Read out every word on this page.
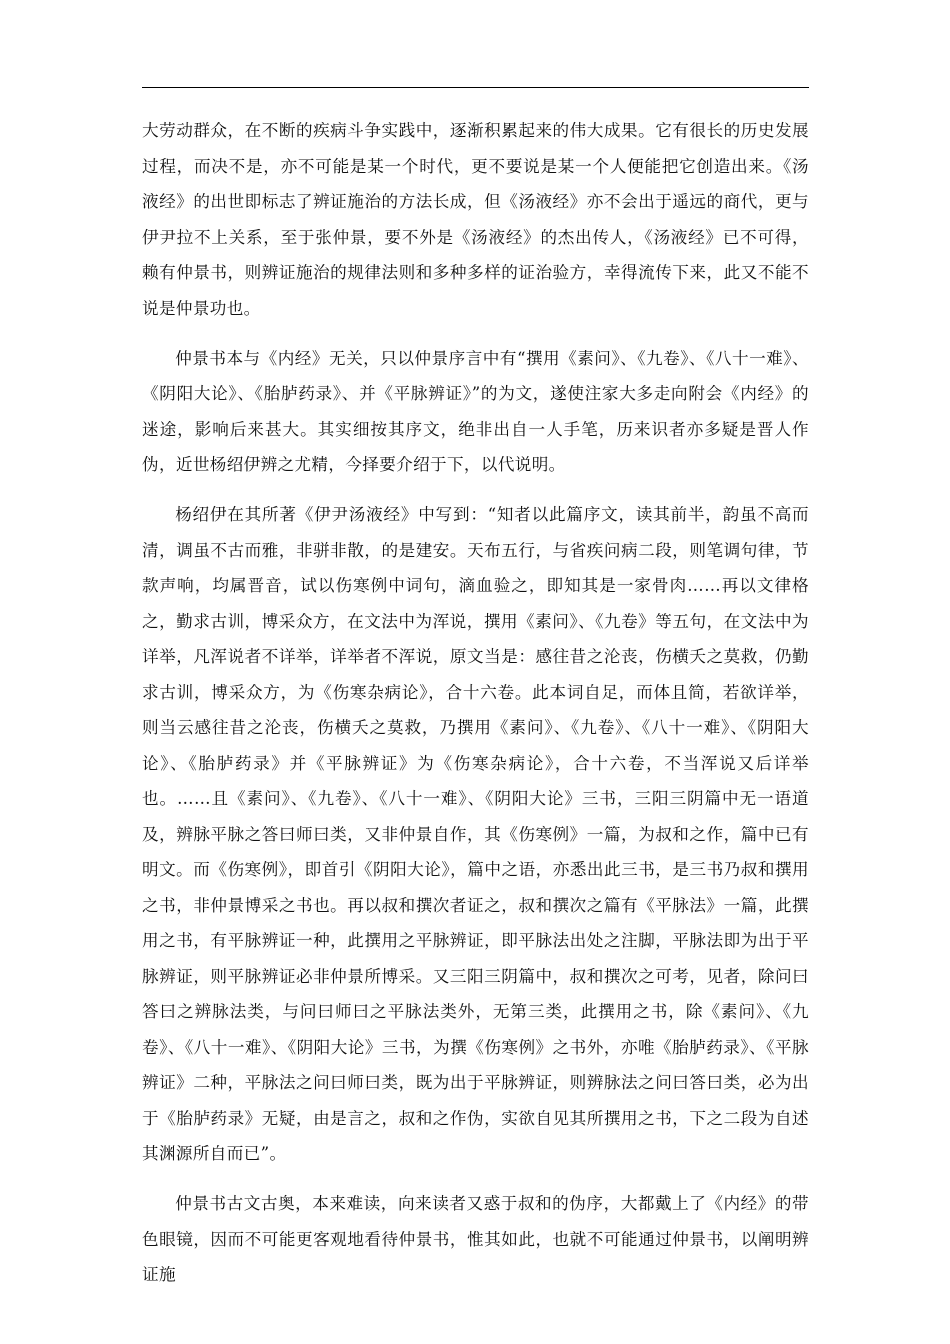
大劳动群众，在不断的疾病斗争实践中，逐渐积累起来的伟大成果。它有很长的历史发展过程，而决不是，亦不可能是某一个时代，更不要说是某一个人便能把它创造出来。《汤液经》的出世即标志了辨证施治的方法长成，但《汤液经》亦不会出于遥远的商代，更与伊尹拉不上关系，至于张仲景，要不外是《汤液经》的杰出传人，《汤液经》已不可得，赖有仲景书，则辨证施治的规律法则和多种多样的证治验方，幸得流传下来，此又不能不说是仲景功也。

仲景书本与《内经》无关，只以仲景序言中有“撰用《素问》、《九卷》、《八十一难》、《阴阳大论》、《胎胪药录》、并《平脉辨证》”的为文，遂使注家大多走向附会《内经》的迷途，影响后来甚大。其实细按其序文，绝非出自一人手笔，历来识者亦多疑是晋人作伪，近世杨绍伊辨之尤精，今择要介绍于下，以代说明。

杨绍伊在其所著《伊尹汤液经》中写到：“知者以此篇序文，读其前半，韵虽不高而清，调虽不古而雅，非骈非散，的是建安。天布五行，与省疾问病二段，则笔调句律，节款声响，均属晋音，试以伤寒例中词句，滴血验之，即知其是一家骨肉……再以文律格之，勤求古训，博采众方，在文法中为浑说，撰用《素问》、《九卷》等五句，在文法中为详举，凡浑说者不详举，详举者不浑说，原文当是：感往昔之沦丧，伤横夭之莫救，仍勤求古训，博采众方，为《伤寒杂病论》，合十六卷。此本词自足，而体且简，若欲详举，则当云感往昔之沦丧，伤横夭之莫救，乃撰用《素问》、《九卷》、《八十一难》、《阴阳大论》、《胎胪药录》并《平脉辨证》为《伤寒杂病论》，合十六卷，不当浑说又后详举也。……且《素问》、《九卷》、《八十一难》、《阴阳大论》三书，三阳三阴篇中无一语道及，辨脉平脉之答曰师曰类，又非仲景自作，其《伤寒例》一篇，为叔和之作，篇中已有明文。而《伤寒例》，即首引《阴阳大论》，篇中之语，亦悉出此三书，是三书乃叔和撰用之书，非仲景博采之书也。再以叔和撰次者证之，叔和撰次之篇有《平脉法》一篇，此撰用之书，有平脉辨证一种，此撰用之平脉辨证，即平脉法出处之注脚，平脉法即为出于平脉辨证，则平脉辨证必非仲景所博采。又三阳三阴篇中，叔和撰次之可考，见者，除问曰答曰之辨脉法类，与问曰师曰之平脉法类外，无第三类，此撰用之书，除《素问》、《九卷》、《八十一难》、《阴阳大论》三书，为撰《伤寒例》之书外，亦唯《胎胪药录》、《平脉辨证》二种，平脉法之问曰师曰类，既为出于平脉辨证，则辨脉法之问曰答曰类，必为出于《胎胪药录》无疑，由是言之，叔和之作伪，实欲自见其所撰用之书，下之二段为自述其渊源所自而已”。

仲景书古文古奥，本来难读，向来读者又惑于叔和的伪序，大都戴上了《内经》的带色眼镜，因而不可能更客观地看待仲景书，惟其如此，也就不可能通过仲景书，以阐明辨证施
